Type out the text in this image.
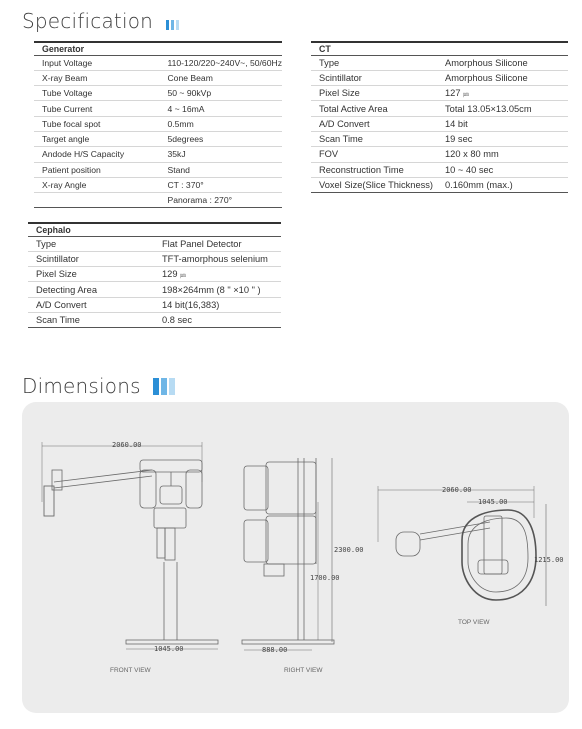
Specification
Generator	
Input Voltage	110-120/220~240V~, 50/60Hz
X-ray Beam	Cone Beam
Tube Voltage	50 ~ 90kVp
Tube Current	4 ~ 16mA
Tube focal spot	0.5mm
Target angle	5degrees
Andode H/S Capacity	35kJ
Patient position	Stand
X-ray Angle	CT : 370°
	Panorama : 270°
CT	
Type	Amorphous Silicone
Scintillator	Amorphous Silicone
Pixel Size	127 ㎛
Total Active Area	Total 13.05×13.05cm
A/D Convert	14 bit
Scan Time	19 sec
FOV	120 x 80 mm
Reconstruction Time	10 ~ 40 sec
Voxel Size(Slice Thickness)	0.160mm (max.)
Cephalo	
Type	Flat Panel Detector
Scintillator	TFT-amorphous selenium
Pixel Size	129 ㎛
Detecting Area	198×264mm (8 " ×10 " )
A/D Convert	14 bit(16,383)
Scan Time	0.8 sec
Dimensions
2060.00
1045.00
FRONT VIEW
2300.00
1700.00
888.00
RIGHT VIEW
2060.00
1045.00
1215.00
TOP VIEW
